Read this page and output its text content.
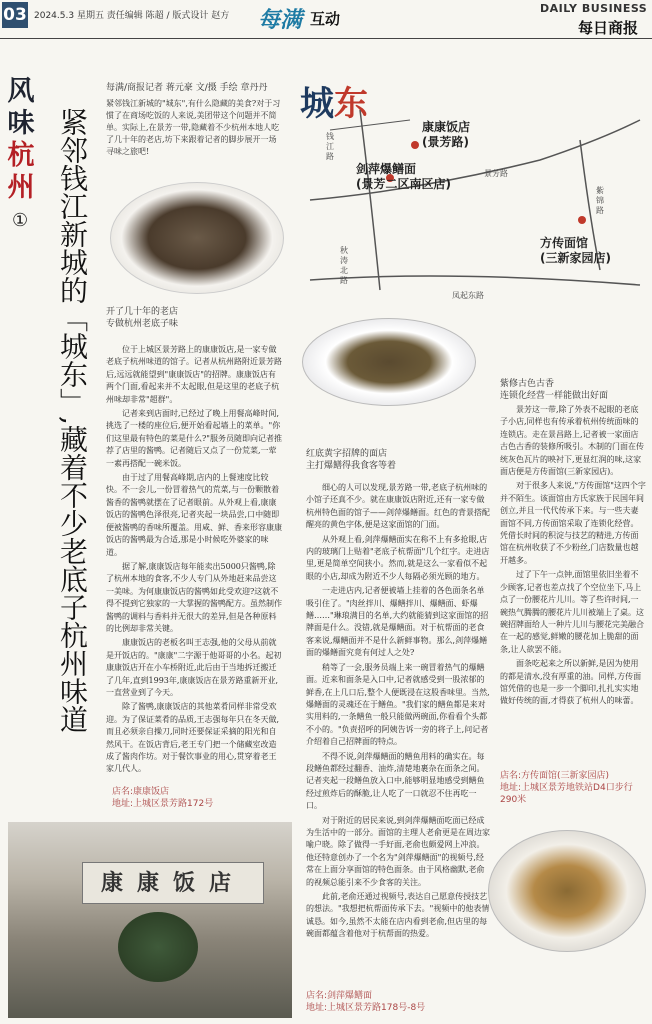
03 2024.5.3 星期五 责任编辑 陈超 / 版式设计 赵方 每满 互动
DAILY BUSINESS
每日商报
风
味
杭
州
① 紧邻钱江新城的「城东」,藏着不少老底子杭州味道
每满/商报记者 蒋元豪 文/摄 手绘 章丹丹
紧邻钱江新城的"城东",有什么隐藏的美食?对于习惯了在商场吃饭的人来说,美团带这个问题并不简单。实际上,在景芳一带,隐藏着不少杭州本地人吃了几十年的老店,坊下来跟着记者的脚步展开一场寻味之旅吧!
开了几十年的老店
专做杭州老底子味

位于上城区景芳路上的康康饭店,是一家专做老底子杭州味道的馆子。记者从杭州路附近景芳路后,远远就能望到"康康饭店"的招牌。康康饭店有两个门面,看起来并不太起眼,但是这里的老底子杭州味却非常"超群"。

记者来到店面时,已经过了晚上用餐高峰时间,挑选了一楼的座位后,便开始看起墙上的菜单。"你们这里最有特色的菜是什么?"服务员随即向记者推荐了店里的酱鸭。记者随后又点了一份荒菜,一荤一素再搭配一碗米饭。

由于过了用餐高峰期,店内的上餐速度比较快。不一会儿,一份冒着热气的荒菜,与一份颗散着酱香的酱鸭就摆在了记者眼前。从外观上看,康康饭店的酱鸭色泽很亮,记者夹起一块品尝,口中随即便被酱鸭的香味所覆盖。用咸、鲜、香来形容康康饭店的酱鸭最为合适,那是小时候吃外婆家的味道。

据了解,康康饭店每年能卖出5000只酱鸭,除了杭州本地的食客,不少人专门从外地赶来品尝这一美味。为何康康饭店的酱鸭如此受欢迎?这就不得不提到它独家的一大掌握的酱鸭配方。虽然制作酱鸭的调料与香料并无很大的差异,但是各种原料的比例却非常关键。

康康饭店的老板名叫王志强,他的父母从前就是开饭店的。"康康"二字源于他哥哥的小名。起初康康饭店开在小车桥附近,此后由于当地拆迁搬迁了几年,直到1993年,康康饭店在景芳路重新开业,一直营业到了今天。

除了酱鸭,康康饭店的其他菜肴同样非常受欢迎。为了保证菜肴的品质,王志强每年只在冬天做,而且必须亲自操刀,同时还要保证采摘的阳光和自然风干。在饭店背后,老王专门把一个储藏室改造成了酱肉作坊。对于餐饮事业的用心,贯穿着老王家几代人。

店名:康康饭店
地址:上城区景芳路172号
康康饭店
城东
康康饭店
(景芳路)
剑萍爆鳝面
(景芳二区南区店)
方传面馆
(三新家园店)
景芳路
秋涛北路
紫锦路
凤起东路
钱江路
红底黄字招牌的面店
主打爆鳝得我食客等着

细心的人可以发现,景芳路一带,老底子杭州味的小馆子还真不少。就在康康饭店附近,还有一家专做杭州特色面的馆子——剑萍爆鳝面。红色的背景搭配醒亮的黄色字体,便是这家面馆的门面。

从外观上看,剑萍爆鳝面实在称不上有多抢眼,店内的玻璃门上贴着"老底子杭帮面"几个红字。走进店里,更是简单空间狭小。然而,就是这么一家看似不起眼的小店,却成为附近不少人每隔必须光顾的地方。

一走进店内,记者便被墙上挂着的各色面条名单吸引住了。"肉丝拌川、爆鳝拌川、爆鳝面、虾爆鳝……"琳琅满目的名单,大约就能猜到这家面馆的招牌面是什么。没错,就是爆鳝面。对于杭帮面的老食客来说,爆鳝面并不是什么新鲜事物。那么,剑萍爆鳝面的爆鳝面究竟有何过人之处?

稍等了一会,服务员端上来一碗冒着热气的爆鳝面。近来和面条是入口中,记者就感受到一股浓郁的鲜香,在上几口后,整个人便既浸在这股香味里。当然,爆鳝面的灵魂还在于鳝鱼。"我们家的鳝鱼都是来对实用料的,一条鳝鱼一般只能做两碗面,你看看个头都不小的。"负责招呼的阿姨告诉一旁的将子上,问记者介绍着自己招牌面的特点。

不得不说,剑萍爆鳝面的鳝鱼用料的确实在。每段鳝鱼都经过翻香、油炸,清楚地裹杂在面条之间。记者夹起一段鳝鱼放入口中,能够明显地感受到鳝鱼经过煎炸后的酥脆,让人吃了一口就忍不住再吃一口。

对于附近的居民来说,到剑萍爆鳝面吃面已经成为生活中的一部分。面馆的主理人老俞更是在周边家喻户晓。除了做得一手好面,老俞也颇爱网上冲浪。他还特意创办了一个名为"剑萍爆鳝面"的视频号,经常在上面分享面馆的特色面条。由于风格幽默,老俞的视频总能引来不少食客的关注。

此前,老俞还通过视频号,表达自己愿意传授技艺的想法。"我想把杭帮面传承下去。"视频中的他表情诚恳。如今,虽然不太能在店内看到老俞,但店里的每碗面都蕴含着他对于杭帮面的热爱。

店名:剑萍爆鳝面
地址:上城区景芳路178号-8号
紫修古色古香
连锁化经营一样能做出好面

景芳这一带,除了外表不起眼的老底子小店,同样也有传承着杭州传统面味的连锁店。走在景昌路上,记者被一家面店古色古香的装修所吸引。木制的门面在传统灰色瓦片的映衬下,更显红润的味,这家面店便是方传面馆(三新家园店)。

对于很多人来说,"方传面馆"这四个字并不陌生。该面馆由方氏家族于民国年间创立,并且一代代传承下来。与一些夫妻面馆不同,方传面馆采取了连锁化经营。凭借长时间的积淀与技艺的精进,方传面馆在杭州收获了不少粉丝,门店数量也越开越多。

过了下午一点钟,面馆里依旧坐着不少顾客,记者也差点找了个空位坐下,马上点了一份腰花片儿川。等了些许时间,一碗热气腾腾的腰花片儿川被端上了桌。这碗招牌面给人一种片儿川与腰花完美融合在一起的感觉,鲜嫩的腰花加上脆甜的面条,让人欲罢不能。

面条吃起来之所以新鲜,是因为使用的都是清水,没有厚重的油。同样,方传面馆凭借的也是一步一个脚印,扎扎实实地做好传统的面,才得获了杭州人的味蕾。

店名:方传面馆(三新家园店)
地址:上城区景芳地铁站D4口步行290米
